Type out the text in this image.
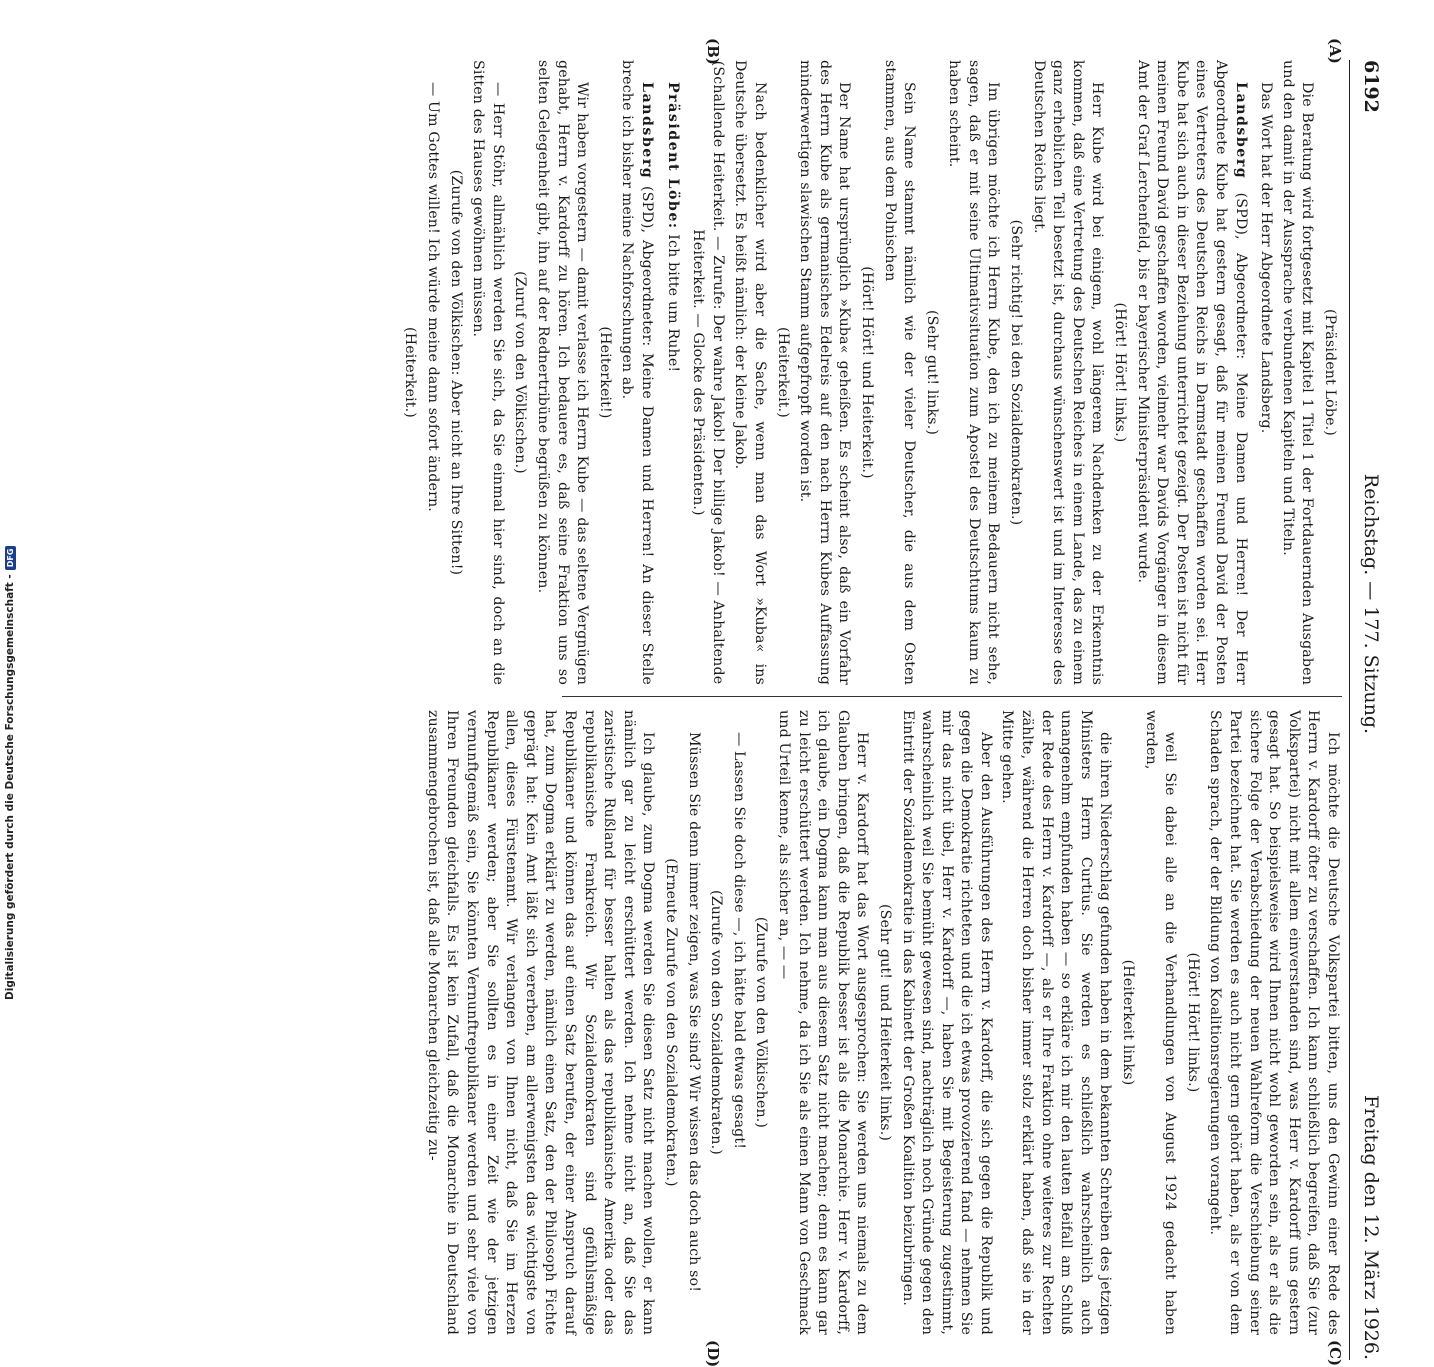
6192
Reichstag. — 177. Sitzung.
Freitag den 12. März 1926.

(Präsident Löbe.)

Die Beratung wird fortgesetzt mit Kapitel 1 Titel 1 der Fortdauernden Ausgaben und den damit in der Aussprache verbundenen Kapiteln und Titeln.

Das Wort hat der Herr Abgeordnete Landsberg.

Landsberg (SPD), Abgeordneter: Meine Damen und Herren! Der Herr Abgeordnete Kube hat gestern gesagt, daß für meinen Freund David der Posten eines Vertreters des Deutschen Reichs in Darmstadt geschaffen worden sei. Herr Kube hat sich auch in dieser Beziehung unterrichtet gezeigt. Der Posten ist nicht für meinen Freund David geschaffen worden, vielmehr war Davids Vorgänger in diesem Amt der Graf Lerchenfeld, bis er bayerischer Ministerpräsident wurde.

(Hört! Hört! links.)

Herr Kube wird bei einigem, wohl längerem Nachdenken zu der Erkenntnis kommen, daß eine Vertretung des Deutschen Reiches in einem Lande, das zu einem ganz erheblichen Teil besetzt ist, durchaus wünschenswert ist und im Interesse des Deutschen Reichs liegt.

(Sehr richtig! bei den Sozialdemokraten.)

Im übrigen möchte ich Herrn Kube, den ich zu meinem Bedauern nicht sehe, sagen, daß er mit seine Ultimativsituation zum Apostel des Deutschtums kaum zu haben scheint.

(Sehr gut! links.)

Sein Name stammt nämlich wie der vieler Deutscher, die aus dem Osten stammen, aus dem Polnischen

(Hört! Hört! und Heiterkeit.)

Der Name hat ursprünglich »Kuba« geheißen. Es scheint also, daß ein Vorfahr des Herrn Kube als germanisches Edelreis auf den nach Herrn Kubes Auffassung minderwertigen slawischen Stamm aufgepfropft worden ist.

(Heiterkeit.)

Nach bedenklicher wird aber die Sache, wenn man das Wort »Kuba« ins Deutsche übersetzt. Es heißt nämlich: der kleine Jakob.

(Schallende Heiterkeit. — Zurufe: Der wahre Jakob! Der billige Jakob! — Anhaltende Heiterkeit. — Glocke des Präsidenten.)

Präsident Löbe: Ich bitte um Ruhe!

Landsberg (SPD), Abgeordneter: Meine Damen und Herren! An dieser Stelle breche ich bisher meine Nachforschungen ab.

(Heiterkeit!)

Wir haben vorgestern — damit verlasse ich Herrn Kube — das seltene Vergnügen gehabt, Herrn v. Kardorff zu hören. Ich bedauere es, daß seine Fraktion uns so selten Gelegenheit gibt, ihn auf der Rednertribüne begrüßen zu können.

(Zuruf von den Völkischen.)

— Herr Stöhr, allmählich werden Sie sich, da Sie einmal hier sind, doch an die Sitten des Hauses gewöhnen müssen.

(Zurufe von den Völkischen: Aber nicht an Ihre Sitten!)

— Um Gottes willen! Ich würde meine dann sofort ändern.

(Heiterkeit.)

Ich möchte die Deutsche Volkspartei bitten, uns den Gewinn einer Rede des Herrn v. Kardorff öfter zu verschaffen. Ich kann schließlich begreifen, daß Sie (zur Volkspartei) nicht mit allem einverstanden sind, was Herr v. Kardorff uns gestern gesagt hat. So beispielsweise wird Ihnen nicht wohl geworden sein, als er als die sichere Folge der Verabschiedung der neuen Wahlreform die Verschiebung seiner Partei bezeichnet hat. Sie werden es auch nicht gern gehört haben, als er von dem Schaden sprach, der der Bildung von Koalitionsregierungen vorangeht.

(Hört! Hört! links.)

weil Sie dabei alle an die Verhandlungen von August 1924 gedacht haben werden,

(Heiterkeit links)

die ihren Niederschlag gefunden haben in dem bekannten Schreiben des jetzigen Ministers Herrn Curtius. Sie werden es schließlich wahrscheinlich auch unangenehm empfunden haben — so erkläre ich mir den lauten Beifall am Schluß der Rede des Herrn v. Kardorff —, als er Ihre Fraktion ohne weiteres zur Rechten zählte, während die Herren doch bisher immer stolz erklärt haben, daß sie in der Mitte gehen.

Aber den Ausführungen des Herrn v. Kardorff, die sich gegen die Republik und gegen die Demokratie richteten und die ich etwas provozierend fand — nehmen Sie mir das nicht übel, Herr v. Kardorff —, haben Sie mit Begeisterung zugestimmt, wahrscheinlich weil Sie bemüht gewesen sind, nachträglich noch Gründe gegen den Eintritt der Sozialdemokratie in das Kabinett der Großen Koalition beizubringen.

(Sehr gut! und Heiterkeit links.)

Herr v. Kardorff hat das Wort ausgesprochen: Sie werden uns niemals zu dem Glauben bringen, daß die Republik besser ist als die Monarchie. Herr v. Kardorff, ich glaube, ein Dogma kann man aus diesem Satz nicht machen; denn es kann gar zu leicht erschüttert werden. Ich nehme, da ich Sie als einen Mann von Geschmack und Urteil kenne, als sicher an, — —

(Zurufe von den Völkischen.)

— Lassen Sie doch diese —, ich hätte bald etwas gesagt!

(Zurufe von den Sozialdemokraten.)

Müssen Sie denn immer zeigen, was Sie sind? Wir wissen das doch auch so!

(Erneute Zurufe von den Sozialdemokraten.)

Ich glaube, zum Dogma werden Sie diesen Satz nicht machen wollen, er kann nämlich gar zu leicht erschüttert werden. Ich nehme nicht an, daß Sie das zaristische Rußland für besser halten als das republikanische Amerika oder das republikanische Frankreich. Wir Sozialdemokraten sind gefühlsmäßige Republikaner und können das auf einen Satz berufen, der einer Anspruch darauf hat, zum Dogma erklärt zu werden, nämlich einen Satz, den der Philosoph Fichte geprägt hat: Kein Amt läßt sich vererben, am allerwenigsten das wichtigste von allen, dieses Fürstenamt. Wir verlangen von Ihnen nicht, daß Sie im Herzen Republikaner werden; aber Sie sollten es in einer Zeit wie der jetzigen vernunftgemäß sein, Sie könnten Vernunftrepublikaner werden und sehr viele von Ihren Freunden gleichfalls. Es ist kein Zufall, daß die Monarchie in Deutschland zusammengebrochen ist, daß alle Monarchen gleichzeitig zu-

(A)
(B)
(C)
(D)
Digitalisierung gefördert durch die Deutsche Forschungsgemeinschaft -
DFG
